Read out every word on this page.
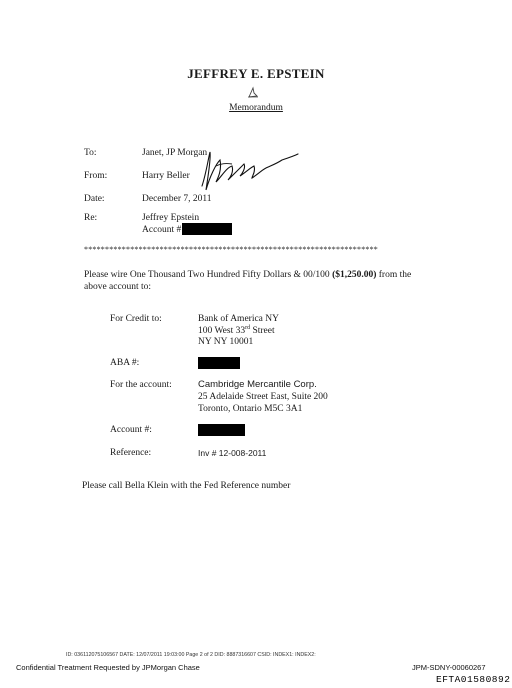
JEFFREY E. EPSTEIN
Memorandum
To:	Janet, JP Morgan
From:	Harry Beller
Date:	December 7, 2011
Re:	Jeffrey Epstein
Account #
**********************************************************************
Please wire One Thousand Two Hundred Fifty Dollars & 00/100 ($1,250.00) from the
above account to:
For Credit to:	Bank of America NY
100 West 33rd Street
NY NY 10001
ABA #:
For the account:	Cambridge Mercantile Corp.
25 Adelaide Street East, Suite 200
Toronto, Ontario M5C 3A1
Account #:
Reference:	Inv # 12-008-2011
Please call Bella Klein with the Fed Reference number
ID: 036112075106567 DATE: 12/07/2011 19:03:00 Page 2 of 2 DID: 8887316607 CSID: INDEX1: INDEX2:
Confidential Treatment Requested by JPMorgan Chase	JPM-SDNY-00060267
EFTA01580892
